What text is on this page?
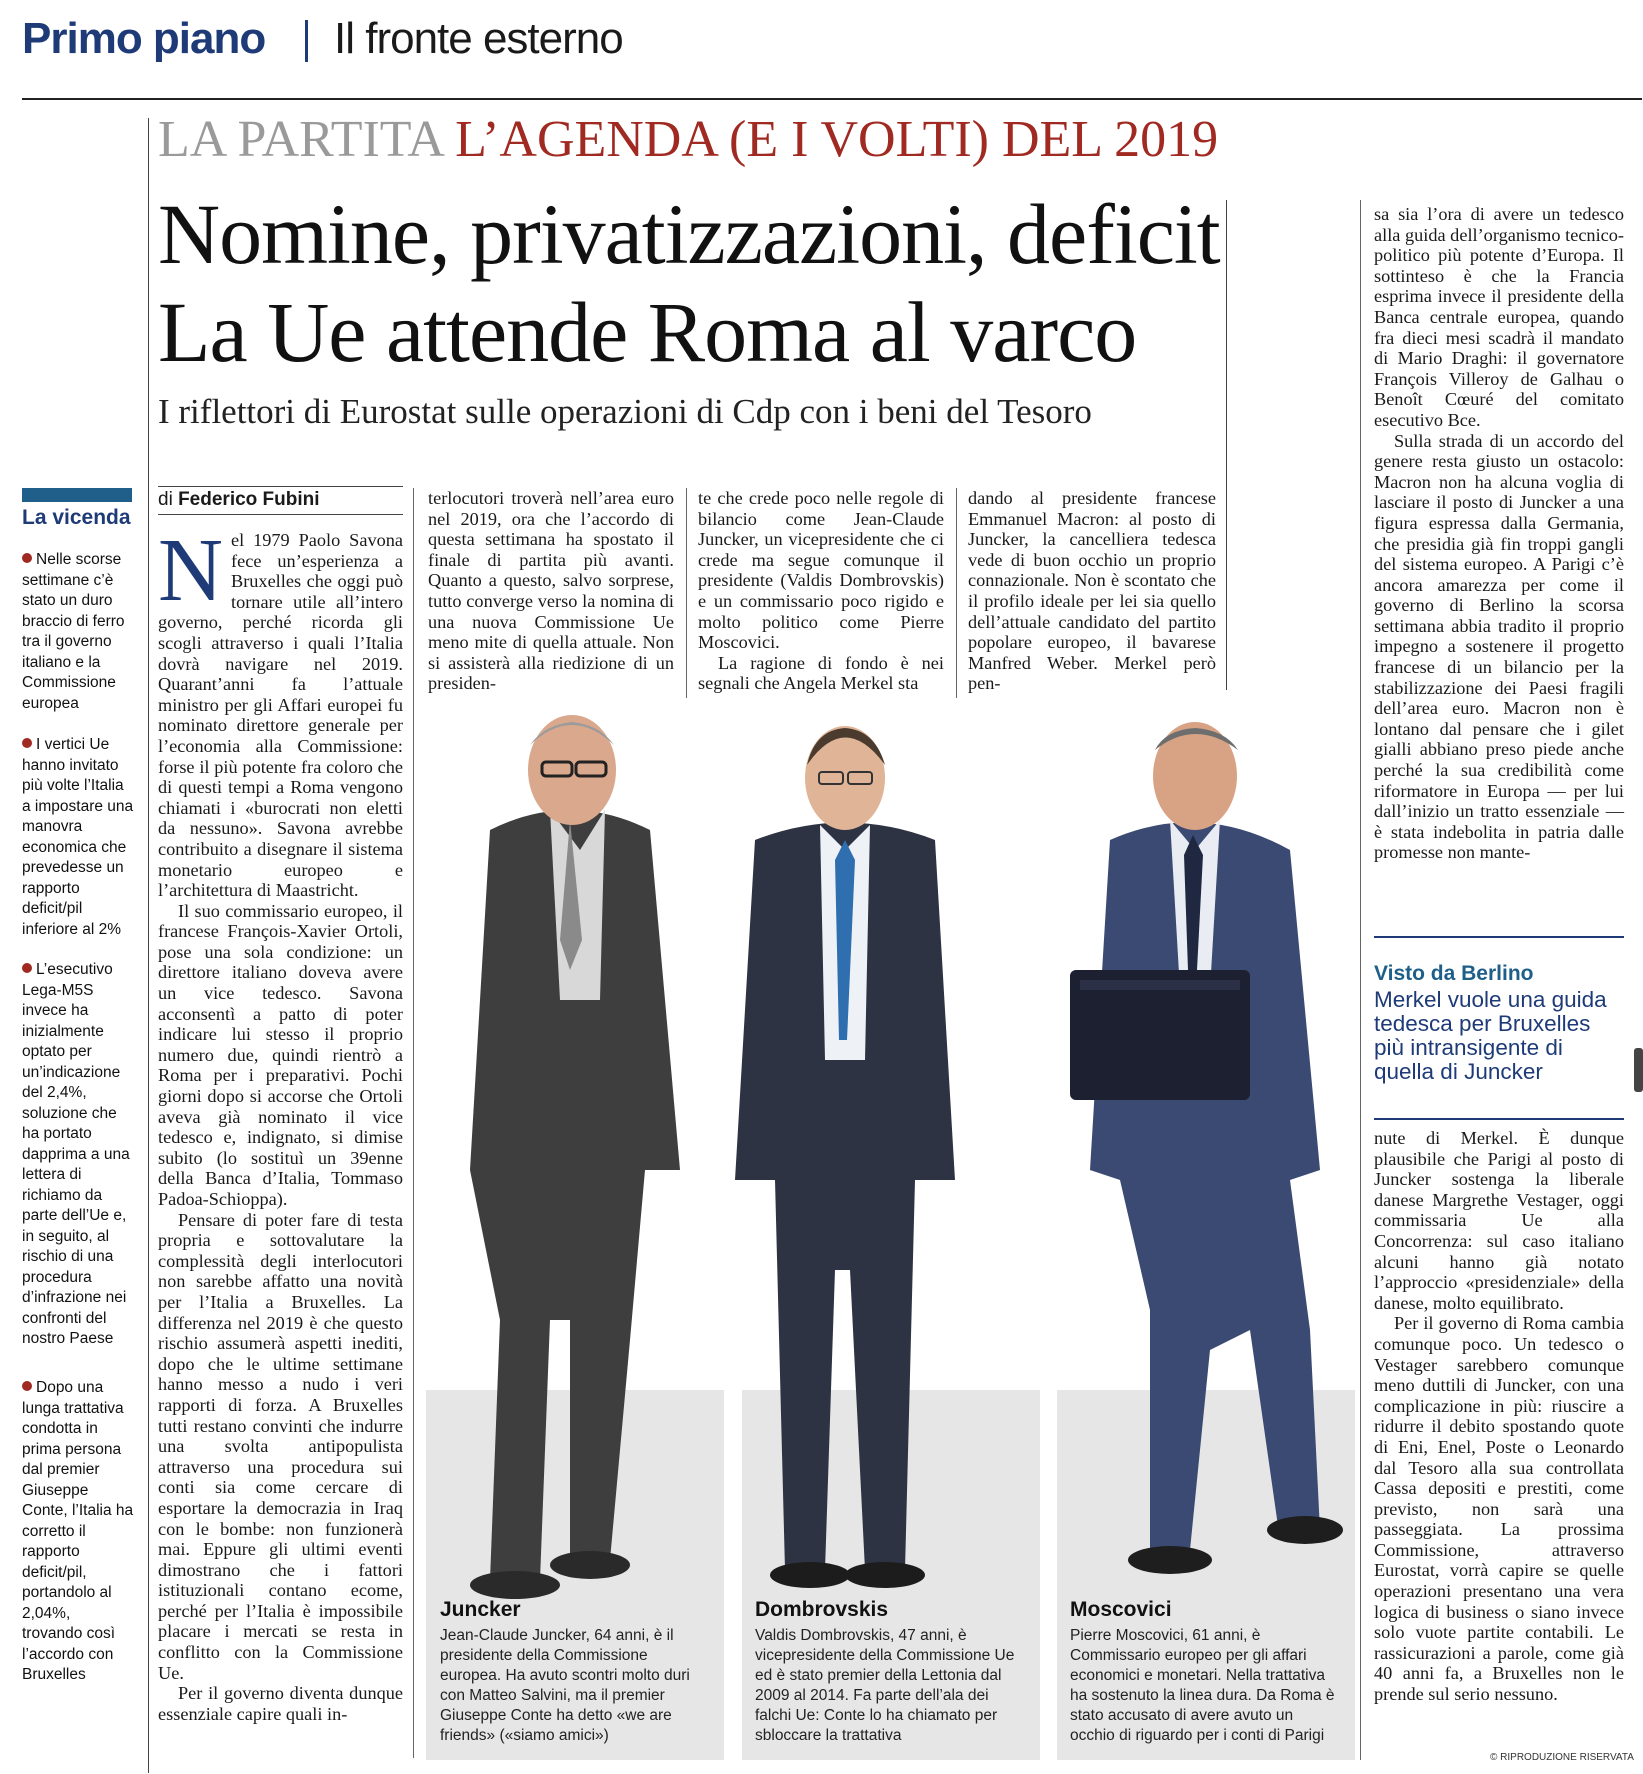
Primo piano Il fronte esterno
LA PARTITA L’AGENDA (E I VOLTI) DEL 2019
Nomine, privatizzazioni, deficit
La Ue attende Roma al varco
I riflettori di Eurostat sulle operazioni di Cdp con i beni del Tesoro
La vicenda
Nelle scorse settimane c’è stato un duro braccio di ferro tra il governo italiano e la Commissione europea
I vertici Ue hanno invitato più volte l’Italia a impostare una manovra economica che prevedesse un rapporto deficit/pil inferiore al 2%
L’esecutivo Lega-M5S invece ha inizialmente optato per un’indicazione del 2,4%, soluzione che ha portato dapprima a una lettera di richiamo da parte dell’Ue e, in seguito, al rischio di una procedura d’infrazione nei confronti del nostro Paese
Dopo una lunga trattativa condotta in prima persona dal premier Giuseppe Conte, l’Italia ha corretto il rapporto deficit/pil, portandolo al 2,04%, trovando così l’accordo con Bruxelles
di Federico Fubini

Nel 1979 Paolo Savona fece un’esperienza a Bruxelles che oggi può tornare utile all’intero governo, perché ricorda gli scogli attraverso i quali l’Italia dovrà navigare nel 2019. Quarant’anni fa l’attuale ministro per gli Affari europei fu nominato direttore generale per l’economia alla Commissione: forse il più potente fra coloro che di questi tempi a Roma vengono chiamati i «burocrati non eletti da nessuno». Savona avrebbe contribuito a disegnare il sistema monetario europeo e l’architettura di Maastricht.

Il suo commissario europeo, il francese François-Xavier Ortoli, pose una sola condizione: un direttore italiano doveva avere un vice tedesco. Savona acconsentì a patto di poter indicare lui stesso il proprio numero due, quindi rientrò a Roma per i preparativi. Pochi giorni dopo si accorse che Ortoli aveva già nominato il vice tedesco e, indignato, si dimise subito (lo sostituì un 39enne della Banca d’Italia, Tommaso Padoa-Schioppa).

Pensare di poter fare di testa propria e sottovalutare la complessità degli interlocutori non sarebbe affatto una novità per l’Italia a Bruxelles. La differenza nel 2019 è che questo rischio assumerà aspetti inediti, dopo che le ultime settimane hanno messo a nudo i veri rapporti di forza. A Bruxelles tutti restano convinti che indurre una svolta antipopulista attraverso una procedura sui conti sia come cercare di esportare la democrazia in Iraq con le bombe: non funzionerà mai. Eppure gli ultimi eventi dimostrano che i fattori istituzionali contano ecome, perché per l’Italia è impossibile placare i mercati se resta in conflitto con la Commissione Ue.

Per il governo diventa dunque essenziale capire quali in-

terlocutori troverà nell’area euro nel 2019, ora che l’accordo di questa settimana ha spostato il finale di partita più avanti. Quanto a questo, salvo sorprese, tutto converge verso la nomina di una nuova Commissione Ue meno mite di quella attuale. Non si assisterà alla riedizione di un presiden-

te che crede poco nelle regole di bilancio come Jean-Claude Juncker, un vicepresidente che ci crede ma segue comunque il presidente (Valdis Dombrovskis) e un commissario poco rigido e molto politico come Pierre Moscovici.

La ragione di fondo è nei segnali che Angela Merkel sta

dando al presidente francese Emmanuel Macron: al posto di Juncker, la cancelliera tedesca vede di buon occhio un proprio connazionale. Non è scontato che il profilo ideale per lei sia quello dell’attuale candidato del partito popolare europeo, il bavarese Manfred Weber. Merkel però pen-

Juncker
Jean-Claude Juncker, 64 anni, è il presidente della Commissione europea. Ha avuto scontri molto duri con Matteo Salvini, ma il premier Giuseppe Conte ha detto «we are friends» («siamo amici»)
Dombrovskis
Valdis Dombrovskis, 47 anni, è vicepresidente della Commissione Ue ed è stato premier della Lettonia dal 2009 al 2014. Fa parte dell’ala dei falchi Ue: Conte lo ha chiamato per sbloccare la trattativa
Moscovici
Pierre Moscovici, 61 anni, è Commissario europeo per gli affari economici e monetari. Nella trattativa ha sostenuto la linea dura. Da Roma è stato accusato di avere avuto un occhio di riguardo per i conti di Parigi

sa sia l’ora di avere un tedesco alla guida dell’organismo tecnico-politico più potente d’Europa. Il sottinteso è che la Francia esprima invece il presidente della Banca centrale europea, quando fra dieci mesi scadrà il mandato di Mario Draghi: il governatore François Villeroy de Galhau o Benoît Cœuré del comitato esecutivo Bce.

Sulla strada di un accordo del genere resta giusto un ostacolo: Macron non ha alcuna voglia di lasciare il posto di Juncker a una figura espressa dalla Germania, che presidia già fin troppi gangli del sistema europeo. A Parigi c’è ancora amarezza per come il governo di Berlino la scorsa settimana abbia tradito il proprio impegno a sostenere il progetto francese di un bilancio per la stabilizzazione dei Paesi fragili dell’area euro. Macron non è lontano dal pensare che i gilet gialli abbiano preso piede anche perché la sua credibilità come riformatore in Europa — per lui dall’inizio un tratto essenziale — è stata indebolita in patria dalle promesse non mante-

Visto da Berlino
Merkel vuole una guida tedesca per Bruxelles più intransigente di quella di Juncker

nute di Merkel. È dunque plausibile che Parigi al posto di Juncker sostenga la liberale danese Margrethe Vestager, oggi commissaria Ue alla Concorrenza: sul caso italiano alcuni hanno già notato l’approccio «presidenziale» della danese, molto equilibrato.

Per il governo di Roma cambia comunque poco. Un tedesco o Vestager sarebbero comunque meno duttili di Juncker, con una complicazione in più: riuscire a ridurre il debito spostando quote di Eni, Enel, Poste o Leonardo dal Tesoro alla sua controllata Cassa depositi e prestiti, come previsto, non sarà una passeggiata. La prossima Commissione, attraverso Eurostat, vorrà capire se quelle operazioni presentano una vera logica di business o siano invece solo vuote partite contabili. Le rassicurazioni a parole, come già 40 anni fa, a Bruxelles non le prende sul serio nessuno.

© RIPRODUZIONE RISERVATA
